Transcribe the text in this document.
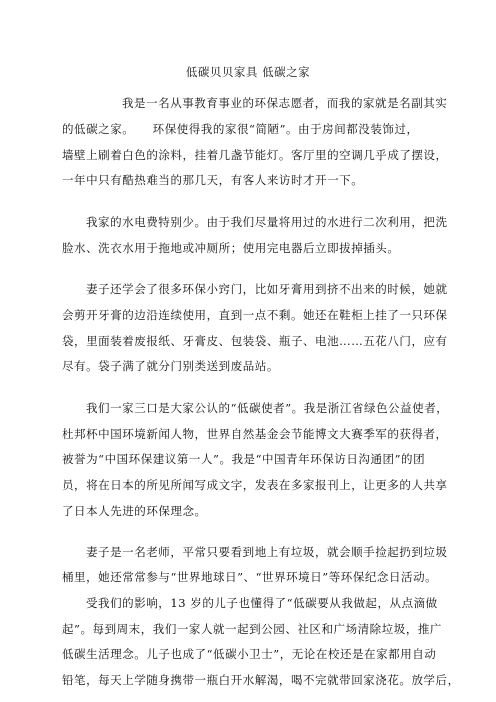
低碳贝贝家具 低碳之家

我是一名从事教育事业的环保志愿者，而我的家就是名副其实

的低碳之家。　　环保使得我的家很“简陋”。由于房间都没装饰过，

墙壁上刷着白色的涂料，挂着几盏节能灯。客厅里的空调几乎成了摆设，

一年中只有酷热难当的那几天，有客人来访时才开一下。

我家的水电费特别少。由于我们尽量将用过的水进行二次利用，把洗

脸水、洗衣水用于拖地或冲厕所；使用完电器后立即拔掉插头。

妻子还学会了很多环保小窍门，比如牙膏用到挤不出来的时候，她就

会剪开牙膏的边沿连续使用，直到一点不剩。她还在鞋柜上挂了一只环保

袋，里面装着废报纸、牙膏皮、包装袋、瓶子、电池……五花八门，应有

尽有。袋子满了就分门别类送到废品站。

我们一家三口是大家公认的“低碳使者”。我是浙江省绿色公益使者，

杜邦杯中国环境新闻人物，世界自然基金会节能博文大赛季军的获得者，

被誉为“中国环保建议第一人”。我是“中国青年环保访日沟通团”的团

员，将在日本的所见所闻写成文字，发表在多家报刊上，让更多的人共享

了日本人先进的环保理念。

妻子是一名老师，平常只要看到地上有垃圾，就会顺手捡起扔到垃圾

桶里，她还常常参与“世界地球日”、“世界环境日”等环保纪念日活动。

受我们的影响，13 岁的儿子也懂得了“低碳要从我做起，从点滴做

起”。每到周末，我们一家人就一起到公园、社区和广场清除垃圾，推广

低碳生活理念。儿子也成了“低碳小卫士”，无论在校还是在家都用自动

铅笔，每天上学随身携带一瓶白开水解渴，喝不完就带回家浇花。放学后，
